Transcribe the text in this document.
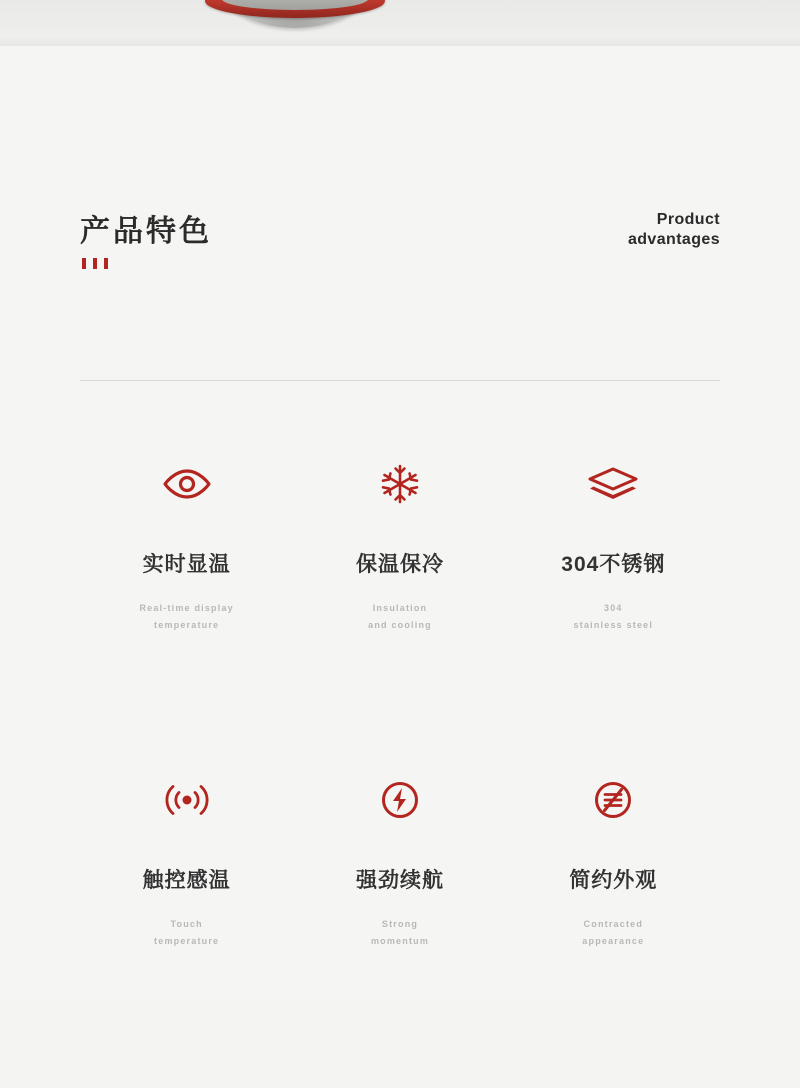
产品特色	Product
advantages
实时显温
Real-time display
temperature
保温保冷
Insulation
and cooling
304不锈钢
304
stainless steel
触控感温
Touch
temperature
强劲续航
Strong
momentum
简约外观
Contracted
appearance
